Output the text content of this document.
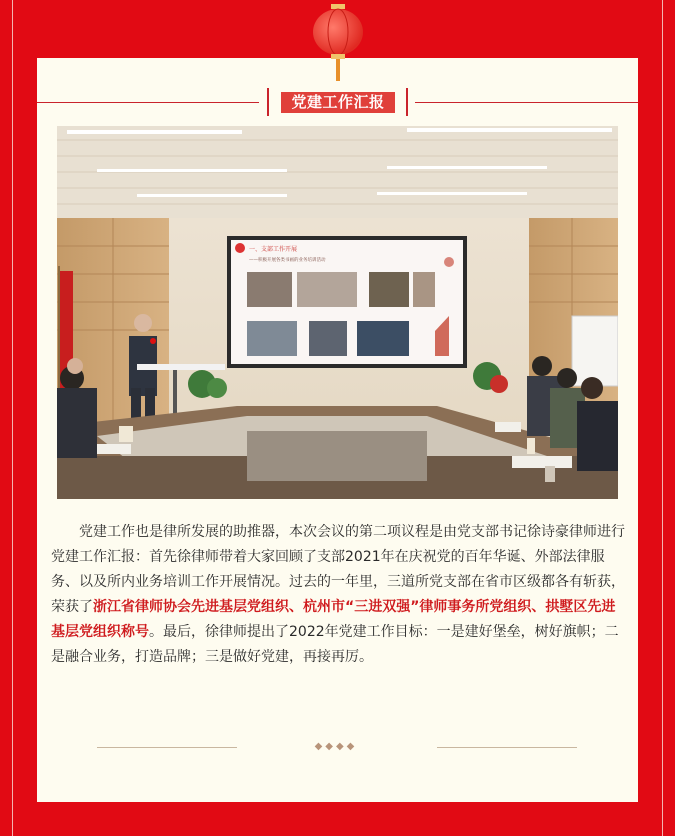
党建工作汇报
一、支部工作开展
——积极开展各类书画的业务培训活动

党建工作也是律所发展的助推器，本次会议的第二项议程是由党支部书记徐诗豪律师进行党建工作汇报：首先徐律师带着大家回顾了支部2021年在庆祝党的百年华诞、外部法律服务、以及所内业务培训工作开展情况。过去的一年里，三道所党支部在省市区级都各有斩获，荣获了浙江省律师协会先进基层党组织、杭州市“三进双强”律师事务所党组织、拱墅区先进基层党组织称号。最后，徐律师提出了2022年党建工作目标：一是建好堡垒，树好旗帜；二是融合业务，打造品牌；三是做好党建，再接再厉。

◆◆◆◆
